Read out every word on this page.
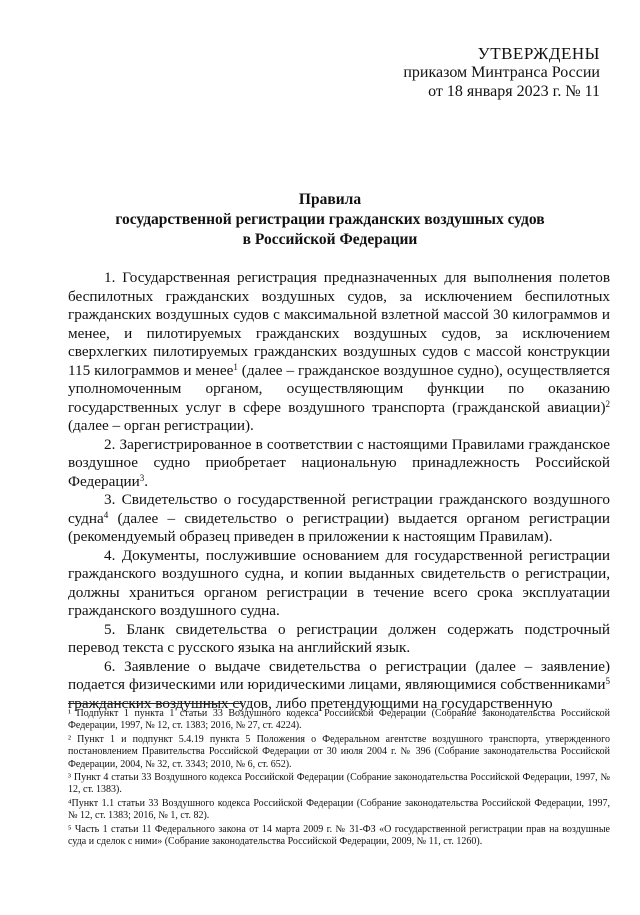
УТВЕРЖДЕНЫ
приказом Минтранса России
от 18 января 2023 г. № 11
Правила
государственной регистрации гражданских воздушных судов
в Российской Федерации

1. Государственная регистрация предназначенных для выполнения полетов беспилотных гражданских воздушных судов, за исключением беспилотных гражданских воздушных судов с максимальной взлетной массой 30 килограммов и менее, и пилотируемых гражданских воздушных судов, за исключением сверхлегких пилотируемых гражданских воздушных судов с массой конструкции 115 килограммов и менее$^1$ (далее – гражданское воздушное судно), осуществляется уполномоченным органом, осуществляющим функции по оказанию государственных услуг в сфере воздушного транспорта (гражданской авиации)$^2$ (далее – орган регистрации).

2. Зарегистрированное в соответствии с настоящими Правилами гражданское воздушное судно приобретает национальную принадлежность Российской Федерации$^3$.

3. Свидетельство о государственной регистрации гражданского воздушного судна$^4$ (далее – свидетельство о регистрации) выдается органом регистрации (рекомендуемый образец приведен в приложении к настоящим Правилам).

4. Документы, послужившие основанием для государственной регистрации гражданского воздушного судна, и копии выданных свидетельств о регистрации, должны храниться органом регистрации в течение всего срока эксплуатации гражданского воздушного судна.

5. Бланк свидетельства о регистрации должен содержать подстрочный перевод текста с русского языка на английский язык.

6. Заявление о выдаче свидетельства о регистрации (далее – заявление) подается физическими или юридическими лицами, являющимися собственниками$^5$ гражданских воздушных судов, либо претендующими на государственную

¹ Подпункт 1 пункта 1 статьи 33 Воздушного кодекса Российской Федерации (Собрание законодательства Российской Федерации, 1997, № 12, ст. 1383; 2016, № 27, ст. 4224).

² Пункт 1 и подпункт 5.4.19 пункта 5 Положения о Федеральном агентстве воздушного транспорта, утвержденного постановлением Правительства Российской Федерации от 30 июля 2004 г. № 396 (Собрание законодательства Российской Федерации, 2004, № 32, ст. 3343; 2010, № 6, ст. 652).

³ Пункт 4 статьи 33 Воздушного кодекса Российской Федерации (Собрание законодательства Российской Федерации, 1997, № 12, ст. 1383).

⁴Пункт 1.1 статьи 33 Воздушного кодекса Российской Федерации (Собрание законодательства Российской Федерации, 1997, № 12, ст. 1383; 2016, № 1, ст. 82).

⁵ Часть 1 статьи 11 Федерального закона от 14 марта 2009 г. № 31-ФЗ «О государственной регистрации прав на воздушные суда и сделок с ними» (Собрание законодательства Российской Федерации, 2009, № 11, ст. 1260).
